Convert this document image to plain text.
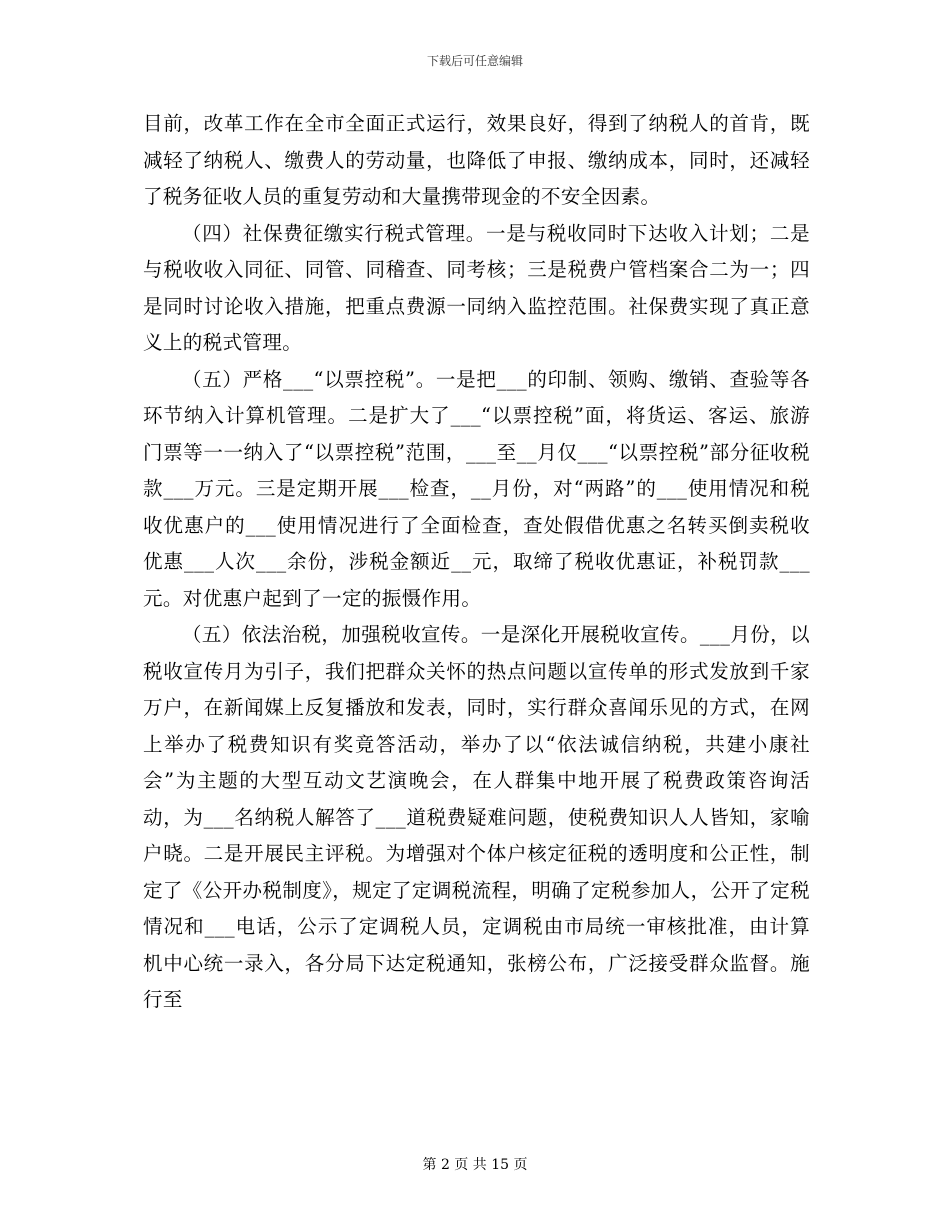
下载后可任意编辑

目前，改革工作在全市全面正式运行，效果良好，得到了纳税人的首肯，既减轻了纳税人、缴费人的劳动量，也降低了申报、缴纳成本，同时，还减轻了税务征收人员的重复劳动和大量携带现金的不安全因素。

（四）社保费征缴实行税式管理。一是与税收同时下达收入计划；二是与税收收入同征、同管、同稽查、同考核；三是税费户管档案合二为一；四是同时讨论收入措施，把重点费源一同纳入监控范围。社保费实现了真正意义上的税式管理。

（五）严格___“以票控税”。一是把___的印制、领购、缴销、查验等各环节纳入计算机管理。二是扩大了___“以票控税”面，将货运、客运、旅游门票等一一纳入了“以票控税”范围，___至__月仅___“以票控税”部分征收税款___万元。三是定期开展___检查，__月份，对“两路”的___使用情况和税收优惠户的___使用情况进行了全面检查，查处假借优惠之名转买倒卖税收优惠___人次___余份，涉税金额近__元，取缔了税收优惠证，补税罚款___元。对优惠户起到了一定的振慑作用。

（五）依法治税，加强税收宣传。一是深化开展税收宣传。___月份，以税收宣传月为引子，我们把群众关怀的热点问题以宣传单的形式发放到千家万户，在新闻媒上反复播放和发表，同时，实行群众喜闻乐见的方式，在网上举办了税费知识有奖竟答活动，举办了以“依法诚信纳税，共建小康社会”为主题的大型互动文艺演晚会，在人群集中地开展了税费政策咨询活动，为___名纳税人解答了___道税费疑难问题，使税费知识人人皆知，家喻户晓。二是开展民主评税。为增强对个体户核定征税的透明度和公正性，制定了《公开办税制度》，规定了定调税流程，明确了定税参加人，公开了定税情况和___电话，公示了定调税人员，定调税由市局统一审核批准，由计算机中心统一录入，各分局下达定税通知，张榜公布，广泛接受群众监督。施行至

第 2 页 共 15 页
